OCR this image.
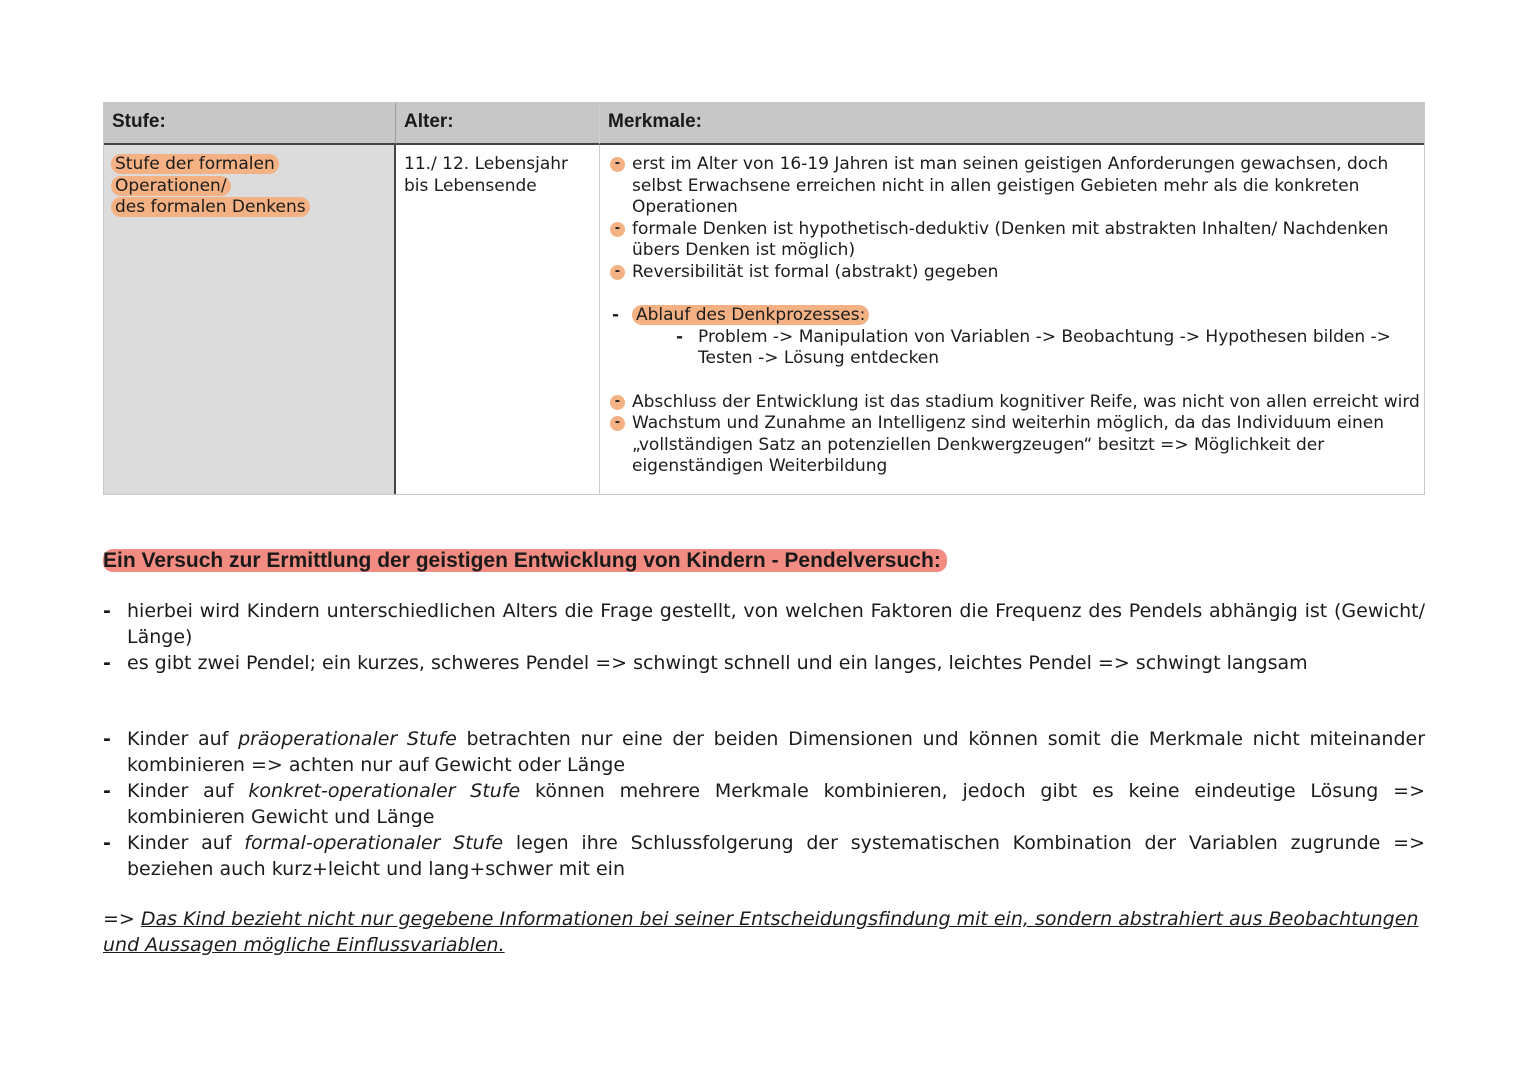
Stufe:	Alter:	Merkmale:
Stufe der formalen Operationen/
des formalen Denkens
11./ 12. Lebensjahr
bis Lebensende
- erst im Alter von 16-19 Jahren ist man seinen geistigen Anforderungen gewachsen, doch selbst Erwachsene erreichen nicht in allen geistigen Gebieten mehr als die konkreten Operationen
- formale Denken ist hypothetisch-deduktiv (Denken mit abstrakten Inhalten/ Nachdenken übers Denken ist möglich)
- Reversibilität ist formal (abstrakt) gegeben
- Ablauf des Denkprozesses:
- Problem -> Manipulation von Variablen -> Beobachtung -> Hypothesen bilden -> Testen -> Lösung entdecken
- Abschluss der Entwicklung ist das stadium kognitiver Reife, was nicht von allen erreicht wird
- Wachstum und Zunahme an Intelligenz sind weiterhin möglich, da das Individuum einen „vollständigen Satz an potenziellen Denkwergzeugen“ besitzt => Möglichkeit der eigenständigen Weiterbildung
Ein Versuch zur Ermittlung der geistigen Entwicklung von Kindern - Pendelversuch:
- hierbei wird Kindern unterschiedlichen Alters die Frage gestellt, von welchen Faktoren die Frequenz des Pendels abhängig ist (Gewicht/ Länge)
- es gibt zwei Pendel; ein kurzes, schweres Pendel => schwingt schnell und ein langes, leichtes Pendel => schwingt langsam
- Kinder auf präoperationaler Stufe betrachten nur eine der beiden Dimensionen und können somit die Merkmale nicht miteinander kombinieren => achten nur auf Gewicht oder Länge
- Kinder auf konkret-operationaler Stufe können mehrere Merkmale kombinieren, jedoch gibt es keine eindeutige Lösung => kombinieren Gewicht und Länge
- Kinder auf formal-operationaler Stufe legen ihre Schlussfolgerung der systematischen Kombination der Variablen zugrunde => beziehen auch kurz+leicht und lang+schwer mit ein
=> Das Kind bezieht nicht nur gegebene Informationen bei seiner Entscheidungsfindung mit ein, sondern abstrahiert aus Beobachtungen und Aussagen mögliche Einflussvariablen.
